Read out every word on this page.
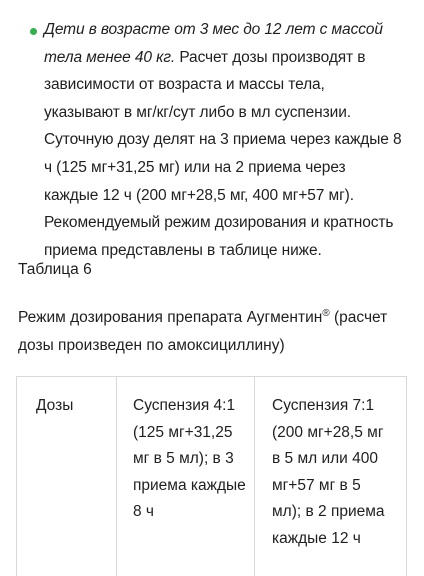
Дети в возрасте от 3 мес до 12 лет с массой тела менее 40 кг. Расчет дозы производят в зависимости от возраста и массы тела, указывают в мг/кг/сут либо в мл суспензии. Суточную дозу делят на 3 приема через каждые 8 ч (125 мг+31,25 мг) или на 2 приема через каждые 12 ч (200 мг+28,5 мг, 400 мг+57 мг). Рекомендуемый режим дозирования и кратность приема представлены в таблице ниже.

Таблица 6

Режим дозирования препарата Аугментин® (расчет дозы произведен по амоксициллину)

Дозы	Суспензия 4:1 (125 мг+31,25 мг в 5 мл); в 3 приема каждые 8 ч
Суспензия 7:1 (200 мг+28,5 мг в 5 мл или 400 мг+57 мг в 5 мл); в 2 приема каждые 12 ч
